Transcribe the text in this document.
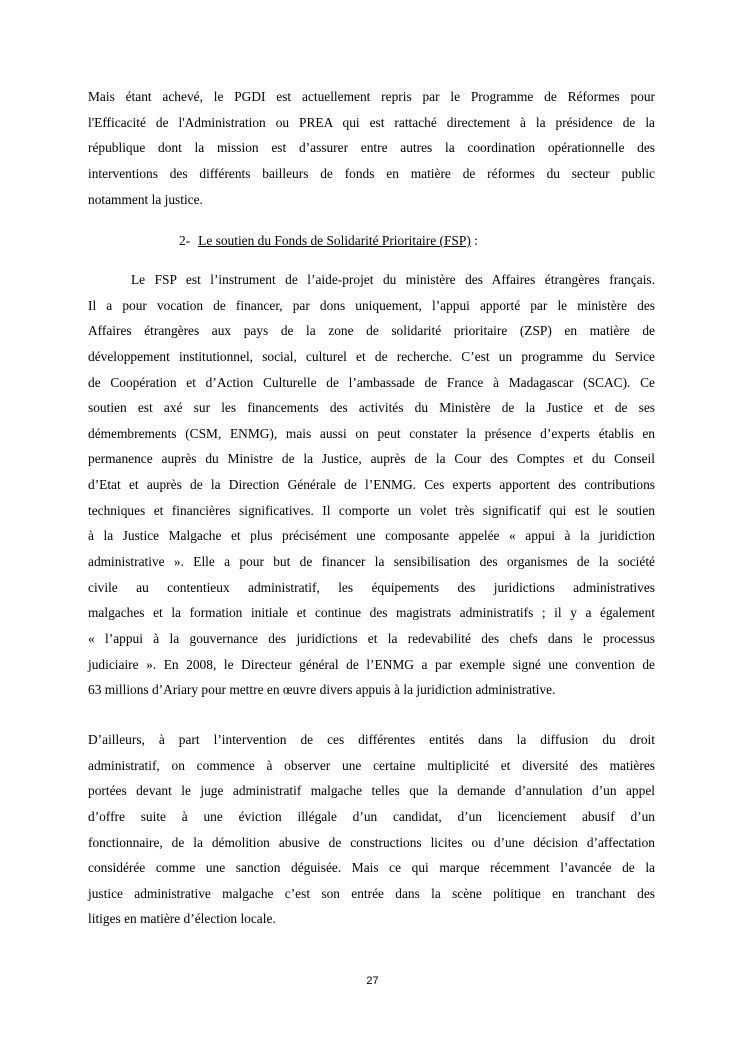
Mais étant achevé, le PGDI est actuellement repris par le Programme de Réformes pour
l'Efficacité de l'Administration ou PREA qui est rattaché directement à la présidence de la
république dont la mission est d’assurer entre autres la coordination opérationnelle des
interventions des différents bailleurs de fonds en matière de réformes du secteur public
notamment la justice.
2- Le soutien du Fonds de Solidarité Prioritaire (FSP) :
Le FSP est l’instrument de l’aide-projet du ministère des Affaires étrangères français.
Il a pour vocation de financer, par dons uniquement, l’appui apporté par le ministère des
Affaires étrangères aux pays de la zone de solidarité prioritaire (ZSP) en matière de
développement institutionnel, social, culturel et de recherche. C’est un programme du Service
de Coopération et d’Action Culturelle de l’ambassade de France à Madagascar (SCAC). Ce
soutien est axé sur les financements des activités du Ministère de la Justice et de ses
démembrements (CSM, ENMG), mais aussi on peut constater la présence d’experts établis en
permanence auprès du Ministre de la Justice, auprès de la Cour des Comptes et du Conseil
d’Etat et auprès de la Direction Générale de l’ENMG. Ces experts apportent des contributions
techniques et financières significatives. Il comporte un volet très significatif qui est le soutien
à la Justice Malgache et plus précisément une composante appelée « appui à la juridiction
administrative ». Elle a pour but de financer la sensibilisation des organismes de la société
civile au contentieux administratif, les équipements des juridictions administratives
malgaches et la formation initiale et continue des magistrats administratifs ; il y a également
« l’appui à la gouvernance des juridictions et la redevabilité des chefs dans le processus
judiciaire ». En 2008, le Directeur général de l’ENMG a par exemple signé une convention de
63 millions d’Ariary pour mettre en œuvre divers appuis à la juridiction administrative.
D’ailleurs, à part l’intervention de ces différentes entités dans la diffusion du droit
administratif, on commence à observer une certaine multiplicité et diversité des matières
portées devant le juge administratif malgache telles que la demande d’annulation d’un appel
d’offre suite à une éviction illégale d’un candidat, d’un licenciement abusif d’un
fonctionnaire, de la démolition abusive de constructions licites ou d’une décision d’affectation
considérée comme une sanction déguisée. Mais ce qui marque récemment l’avancée de la
justice administrative malgache c’est son entrée dans la scène politique en tranchant des
litiges en matière d’élection locale.
27
